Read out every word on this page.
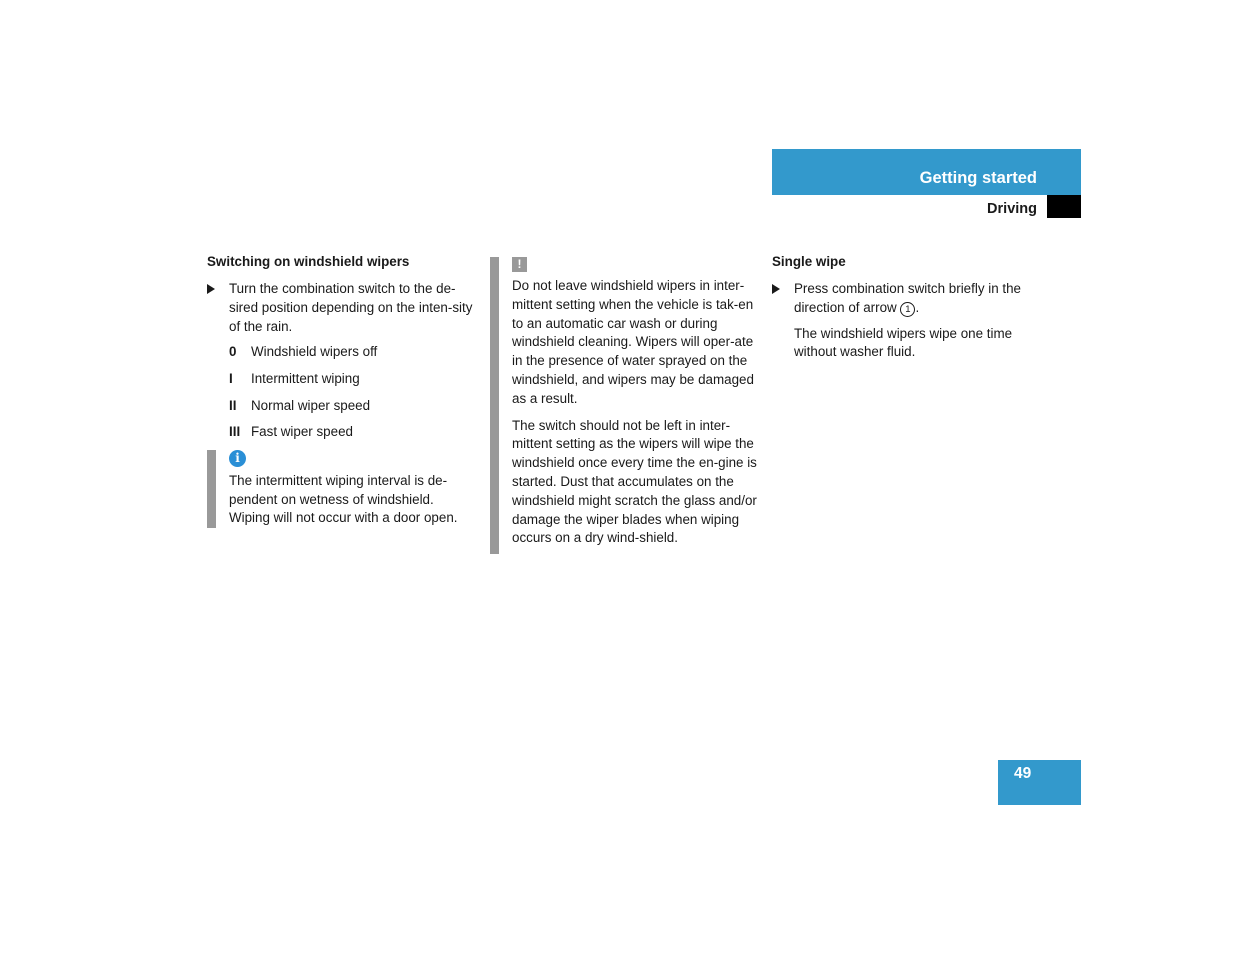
Getting started
Driving
Switching on windshield wipers
Turn the combination switch to the de-sired position depending on the inten-sity of the rain.
0	Windshield wipers off
I	Intermittent wiping
II	Normal wiper speed
III Fast wiper speed
i

The intermittent wiping interval is de-pendent on wetness of windshield. Wiping will not occur with a door open.

!

Do not leave windshield wipers in inter-mittent setting when the vehicle is tak-en to an automatic car wash or during windshield cleaning. Wipers will oper-ate in the presence of water sprayed on the windshield, and wipers may be damaged as a result.

The switch should not be left in inter-mittent setting as the wipers will wipe the windshield once every time the en-gine is started. Dust that accumulates on the windshield might scratch the glass and/or damage the wiper blades when wiping occurs on a dry wind-shield.

Single wipe
Press combination switch briefly in the direction of arrow 1 .

The windshield wipers wipe one time without washer fluid.

49
